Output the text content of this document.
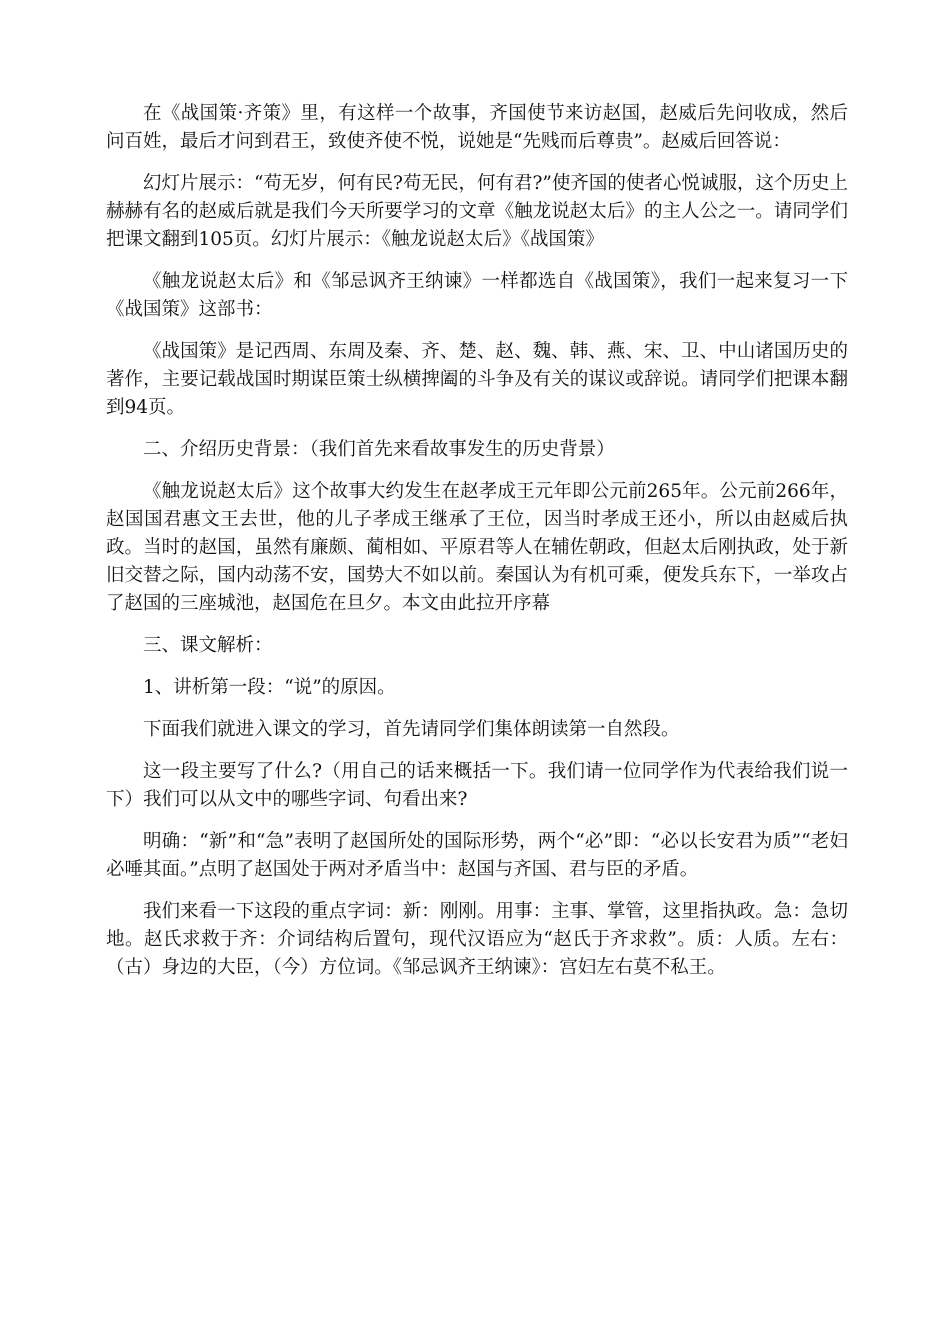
在《战国策·齐策》里，有这样一个故事，齐国使节来访赵国，赵威后先问收成，然后问百姓，最后才问到君王，致使齐使不悦，说她是“先贱而后尊贵”。赵威后回答说：

幻灯片展示：“苟无岁，何有民?苟无民，何有君?”使齐国的使者心悦诚服，这个历史上赫赫有名的赵威后就是我们今天所要学习的文章《触龙说赵太后》的主人公之一。请同学们把课文翻到105页。幻灯片展示：《触龙说赵太后》《战国策》

《触龙说赵太后》和《邹忌讽齐王纳谏》一样都选自《战国策》，我们一起来复习一下《战国策》这部书：

《战国策》是记西周、东周及秦、齐、楚、赵、魏、韩、燕、宋、卫、中山诸国历史的著作，主要记载战国时期谋臣策士纵横捭阖的斗争及有关的谋议或辞说。请同学们把课本翻到94页。

二、介绍历史背景：（我们首先来看故事发生的历史背景）

《触龙说赵太后》这个故事大约发生在赵孝成王元年即公元前265年。公元前266年，赵国国君惠文王去世，他的儿子孝成王继承了王位，因当时孝成王还小，所以由赵威后执政。当时的赵国，虽然有廉颇、蔺相如、平原君等人在辅佐朝政，但赵太后刚执政，处于新旧交替之际，国内动荡不安，国势大不如以前。秦国认为有机可乘，便发兵东下，一举攻占了赵国的三座城池，赵国危在旦夕。本文由此拉开序幕

三、课文解析：

1、讲析第一段：“说”的原因。

下面我们就进入课文的学习，首先请同学们集体朗读第一自然段。

这一段主要写了什么?（用自己的话来概括一下。我们请一位同学作为代表给我们说一下）我们可以从文中的哪些字词、句看出来?

明确：“新”和“急”表明了赵国所处的国际形势，两个“必”即：“必以长安君为质”“老妇必唾其面。”点明了赵国处于两对矛盾当中：赵国与齐国、君与臣的矛盾。

我们来看一下这段的重点字词：新：刚刚。用事：主事、掌管，这里指执政。急：急切地。赵氏求救于齐：介词结构后置句，现代汉语应为“赵氏于齐求救”。质：人质。左右：（古）身边的大臣，（今）方位词。《邹忌讽齐王纳谏》：宫妇左右莫不私王。
